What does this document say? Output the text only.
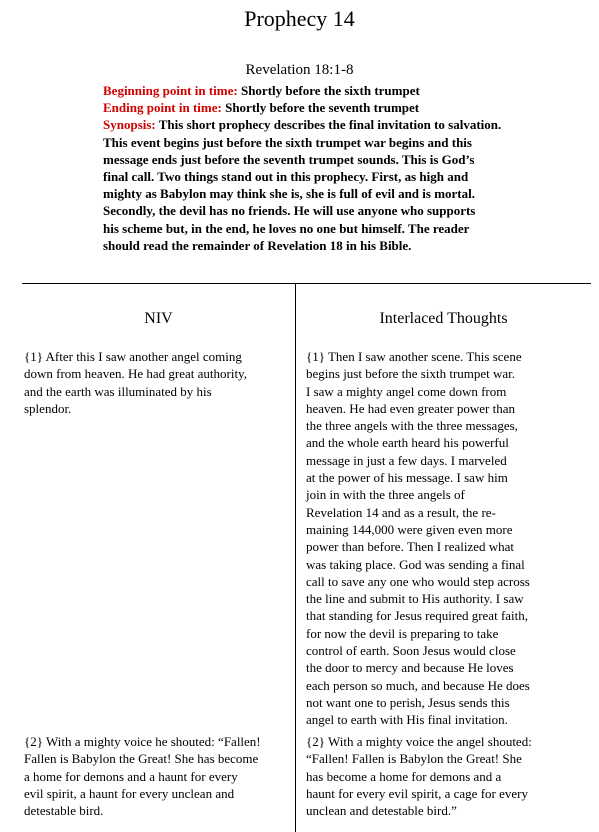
Prophecy 14
Revelation 18:1-8
Beginning point in time: Shortly before the sixth trumpet
Ending point in time: Shortly before the seventh trumpet

Synopsis: This short prophecy describes the final invitation to salvation.
This event begins just before the sixth trumpet war begins and this
message ends just before the seventh trumpet sounds. This is God’s
final call. Two things stand out in this prophecy. First, as high and
mighty as Babylon may think she is, she is full of evil and is mortal.
Secondly, the devil has no friends. He will use anyone who supports
his scheme but, in the end, he loves no one but himself. The reader
should read the remainder of Revelation 18 in his Bible.

NIV	Interlaced Thoughts
{1} After this I saw another angel coming
down from heaven. He had great authority,
and the earth was illuminated by his
splendor.
{1} Then I saw another scene. This scene
begins just before the sixth trumpet war.
I saw a mighty angel come down from
heaven. He had even greater power than
the three angels with the three messages,
and the whole earth heard his powerful
message in just a few days. I marveled
at the power of his message. I saw him
join in with the three angels of
Revelation 14 and as a result, the re-
maining 144,000 were given even more
power than before. Then I realized what
was taking place. God was sending a final
call to save any one who would step across
the line and submit to His authority. I saw
that standing for Jesus required great faith,
for now the devil is preparing to take
control of earth. Soon Jesus would close
the door to mercy and because He loves
each person so much, and because He does
not want one to perish, Jesus sends this
angel to earth with His final invitation.
{2} With a mighty voice he shouted: “Fallen!
Fallen is Babylon the Great! She has become
a home for demons and a haunt for every
evil spirit, a haunt for every unclean and
detestable bird.
{2} With a mighty voice the angel shouted:
“Fallen! Fallen is Babylon the Great! She
has become a home for demons and a
haunt for every evil spirit, a cage for every
unclean and detestable bird.”
